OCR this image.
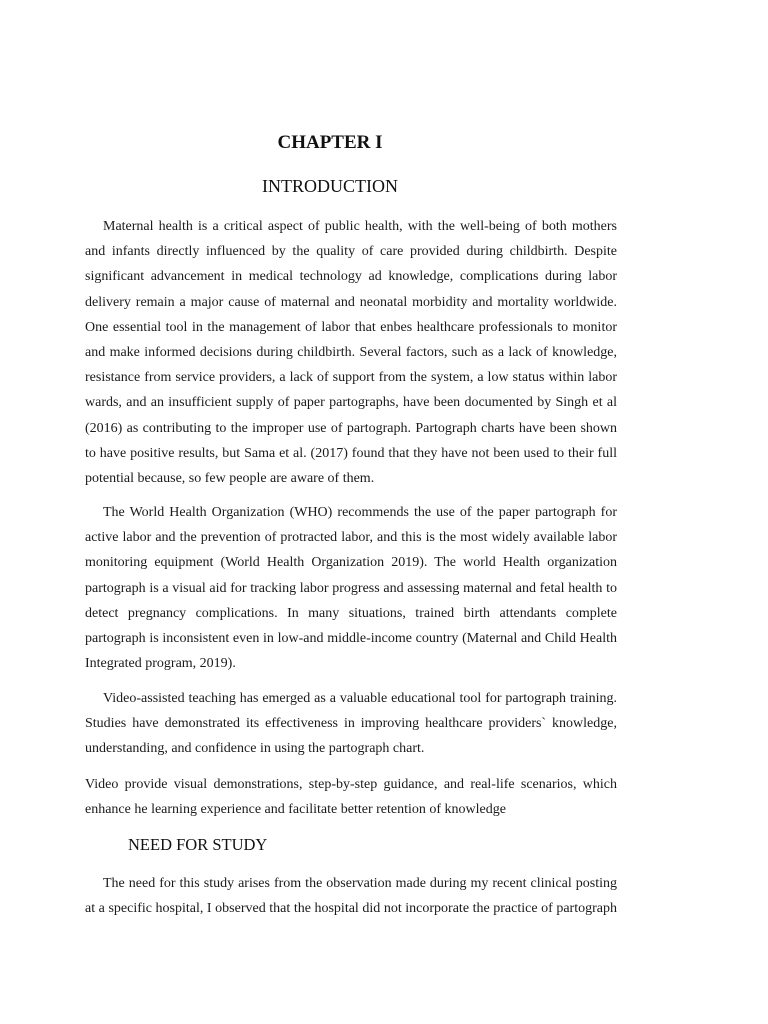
CHAPTER I
INTRODUCTION

Maternal health is a critical aspect of public health, with the well-being of both mothers and infants directly influenced by the quality of care provided during childbirth. Despite significant advancement in medical technology ad knowledge, complications during labor delivery remain a major cause of maternal and neonatal morbidity and mortality worldwide. One essential tool in the management of labor that enbes healthcare professionals to monitor and make informed decisions during childbirth. Several factors, such as a lack of knowledge, resistance from service providers, a lack of support from the system, a low status within labor wards, and an insufficient supply of paper partographs, have been documented by Singh et al (2016) as contributing to the improper use of partograph. Partograph charts have been shown to have positive results, but Sama et al. (2017) found that they have not been used to their full potential because, so few people are aware of them.

The World Health Organization (WHO) recommends the use of the paper partograph for active labor and the prevention of protracted labor, and this is the most widely available labor monitoring equipment (World Health Organization 2019). The world Health organization partograph is a visual aid for tracking labor progress and assessing maternal and fetal health to detect pregnancy complications. In many situations, trained birth attendants complete partograph is inconsistent even in low-and middle-income country (Maternal and Child Health Integrated program, 2019).

Video-assisted teaching has emerged as a valuable educational tool for partograph training. Studies have demonstrated its effectiveness in improving healthcare providers` knowledge, understanding, and confidence in using the partograph chart.

Video provide visual demonstrations, step-by-step guidance, and real-life scenarios, which enhance he learning experience and facilitate better retention of knowledge

NEED FOR STUDY

The need for this study arises from the observation made during my recent clinical posting at a specific hospital, I observed that the hospital did not incorporate the practice of partograph
